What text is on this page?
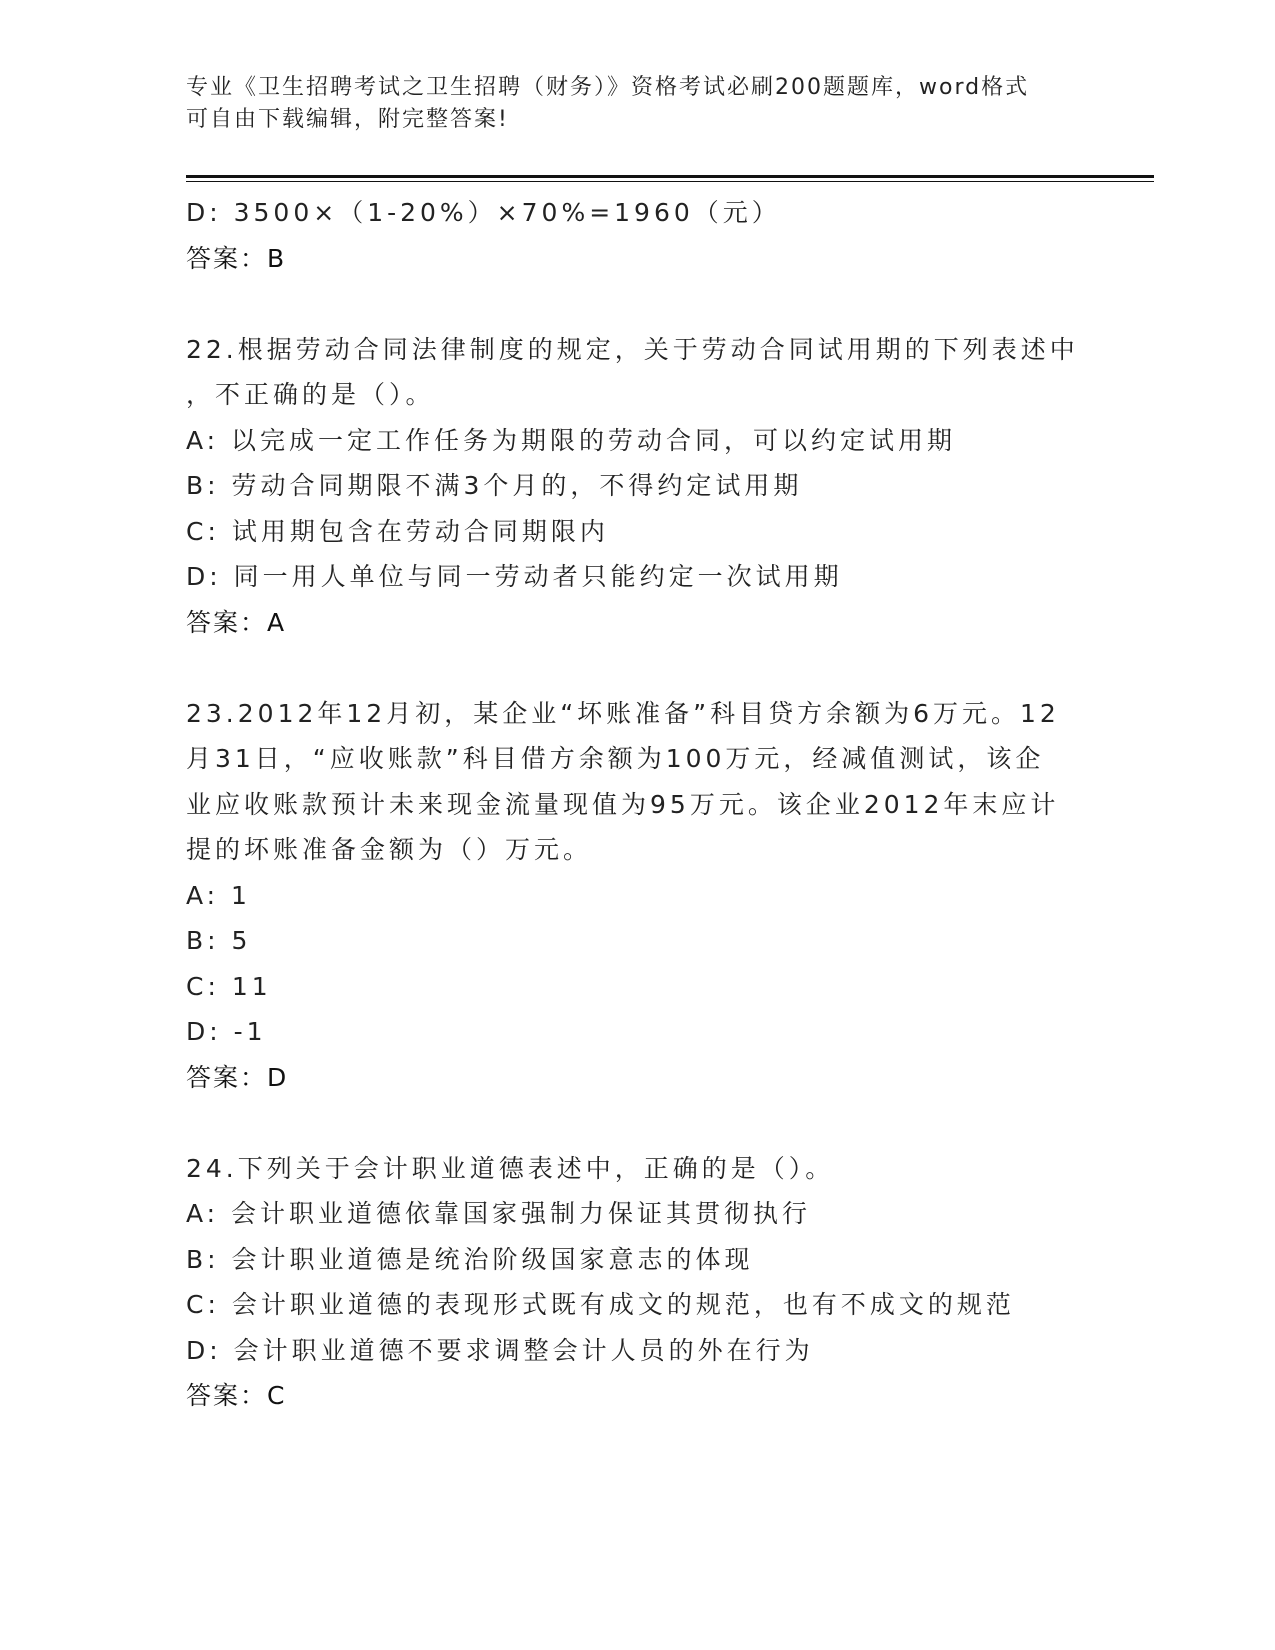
专业《卫生招聘考试之卫生招聘（财务）》资格考试必刷200题题库，word格式
可自由下载编辑，附完整答案!
D: 3500×（1-20%）×70%=1960（元）
答案：B
22.根据劳动合同法律制度的规定，关于劳动合同试用期的下列表述中
，不正确的是（）。
A: 以完成一定工作任务为期限的劳动合同，可以约定试用期
B: 劳动合同期限不满3个月的，不得约定试用期
C: 试用期包含在劳动合同期限内
D: 同一用人单位与同一劳动者只能约定一次试用期
答案：A
23.2012年12月初，某企业“坏账准备”科目贷方余额为6万元。12
月31日，“应收账款”科目借方余额为100万元，经减值测试，该企
业应收账款预计未来现金流量现值为95万元。该企业2012年末应计
提的坏账准备金额为（）万元。
A: 1
B: 5
C: 11
D: -1
答案：D
24.下列关于会计职业道德表述中，正确的是（）。
A: 会计职业道德依靠国家强制力保证其贯彻执行
B: 会计职业道德是统治阶级国家意志的体现
C: 会计职业道德的表现形式既有成文的规范，也有不成文的规范
D: 会计职业道德不要求调整会计人员的外在行为
答案：C
